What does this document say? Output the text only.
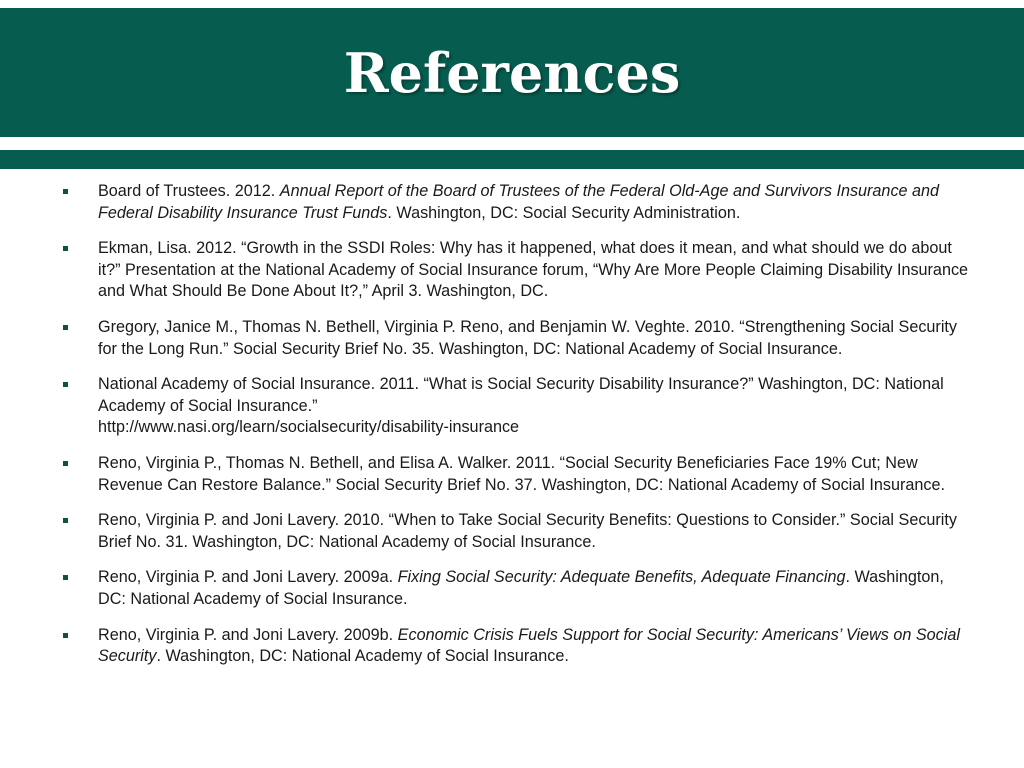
References
Board of Trustees. 2012. Annual Report of the Board of Trustees of the Federal Old-Age and Survivors Insurance and Federal Disability Insurance Trust Funds. Washington, DC: Social Security Administration.
Ekman, Lisa. 2012. “Growth in the SSDI Roles: Why has it happened, what does it mean, and what should we do about it?” Presentation at the National Academy of Social Insurance forum, “Why Are More People Claiming Disability Insurance and What Should Be Done About It?,” April 3. Washington, DC.
Gregory, Janice M., Thomas N. Bethell, Virginia P. Reno, and Benjamin W. Veghte. 2010. “Strengthening Social Security for the Long Run.” Social Security Brief No. 35. Washington, DC: National Academy of Social Insurance.
National Academy of Social Insurance. 2011. “What is Social Security Disability Insurance?” Washington, DC: National Academy of Social Insurance.”
http://www.nasi.org/learn/socialsecurity/disability-insurance
Reno, Virginia P., Thomas N. Bethell, and Elisa A. Walker. 2011. “Social Security Beneficiaries Face 19% Cut; New Revenue Can Restore Balance.” Social Security Brief No. 37. Washington, DC: National Academy of Social Insurance.
Reno, Virginia P. and Joni Lavery. 2010. “When to Take Social Security Benefits: Questions to Consider.” Social Security Brief No. 31. Washington, DC: National Academy of Social Insurance.
Reno, Virginia P. and Joni Lavery. 2009a. Fixing Social Security: Adequate Benefits, Adequate Financing. Washington, DC: National Academy of Social Insurance.
Reno, Virginia P. and Joni Lavery. 2009b. Economic Crisis Fuels Support for Social Security: Americans’ Views on Social Security. Washington, DC: National Academy of Social Insurance.
